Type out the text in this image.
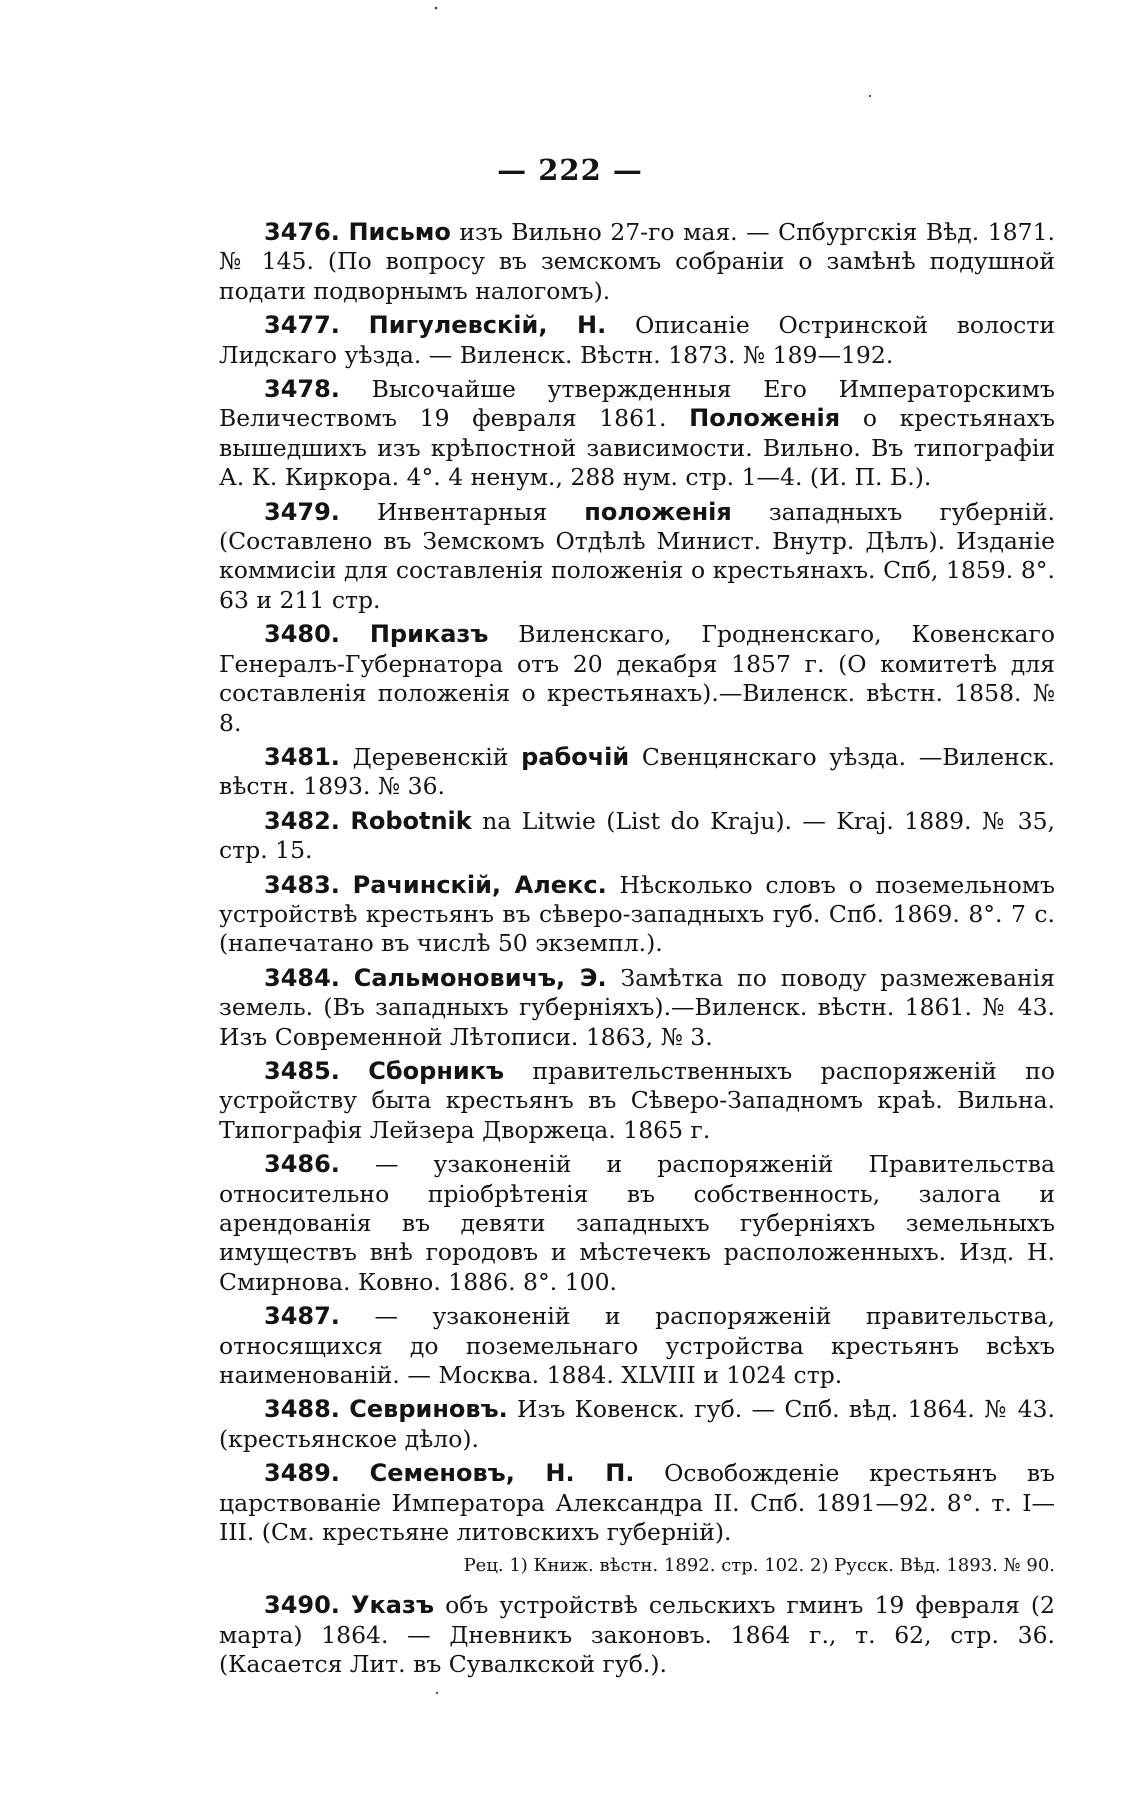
— 222 —

3476. Письмо изъ Вильно 27-го мая. — Спбургскія Вѣд. 1871. № 145. (По вопросу въ земскомъ собраніи о замѣнѣ подушной подати подворнымъ налогомъ).

3477. Пигулевскій, Н. Описаніе Остринской волости Лидскаго уѣзда. — Виленск. Вѣстн. 1873. № 189—192.

3478. Высочайше утвержденныя Его Императорскимъ Величествомъ 19 февраля 1861. Положенія о крестьянахъ вышедшихъ изъ крѣпостной зависимости. Вильно. Въ типографіи А. К. Киркора. 4°. 4 ненум., 288 нум. стр. 1—4. (И. П. Б.).

3479. Инвентарныя положенія западныхъ губерній. (Составлено въ Земскомъ Отдѣлѣ Минист. Внутр. Дѣлъ). Изданіе коммисіи для составленія положенія о крестьянахъ. Спб, 1859. 8°. 63 и 211 стр.

3480. Приказъ Виленскаго, Гродненскаго, Ковенскаго Генералъ-Губернатора отъ 20 декабря 1857 г. (О комитетѣ для составленія положенія о крестьянахъ).—Виленск. вѣстн. 1858. № 8.

3481. Деревенскій рабочій Свенцянскаго уѣзда. —Виленск. вѣстн. 1893. № 36.

3482. Robotnik na Litwie (List do Kraju). — Kraj. 1889. № 35, стр. 15.

3483. Рачинскій, Алекс. Нѣсколько словъ о поземельномъ устройствѣ крестьянъ въ сѣверо-западныхъ губ. Спб. 1869. 8°. 7 с. (напечатано въ числѣ 50 экземпл.).

3484. Сальмоновичъ, Э. Замѣтка по поводу размежеванія земель. (Въ западныхъ губерніяхъ).—Виленск. вѣстн. 1861. № 43. Изъ Современной Лѣтописи. 1863, № 3.

3485. Сборникъ правительственныхъ распоряженій по устройству быта крестьянъ въ Сѣверо-Западномъ краѣ. Вильна. Типографія Лейзера Дворжеца. 1865 г.

3486. — узаконеній и распоряженій Правительства относительно пріобрѣтенія въ собственность, залога и арендованія въ девяти западныхъ губерніяхъ земельныхъ имуществъ внѣ городовъ и мѣстечекъ расположенныхъ. Изд. Н. Смирнова. Ковно. 1886. 8°. 100.

3487. — узаконеній и распоряженій правительства, относящихся до поземельнаго устройства крестьянъ всѣхъ наименованій. — Москва. 1884. XLVIII и 1024 стр.

3488. Севриновъ. Изъ Ковенск. губ. — Спб. вѣд. 1864. № 43. (крестьянское дѣло).

3489. Семеновъ, Н. П. Освобожденіе крестьянъ въ царствованіе Императора Александра II. Спб. 1891—92. 8°. т. I—III. (См. крестьяне литовскихъ губерній).

Рец. 1) Книж. вѣстн. 1892. стр. 102. 2) Русск. Вѣд. 1893. № 90.

3490. Указъ объ устройствѣ сельскихъ гминъ 19 февраля (2 марта) 1864. — Дневникъ законовъ. 1864 г., т. 62, стр. 36. (Касается Лит. въ Сувалкской губ.).
